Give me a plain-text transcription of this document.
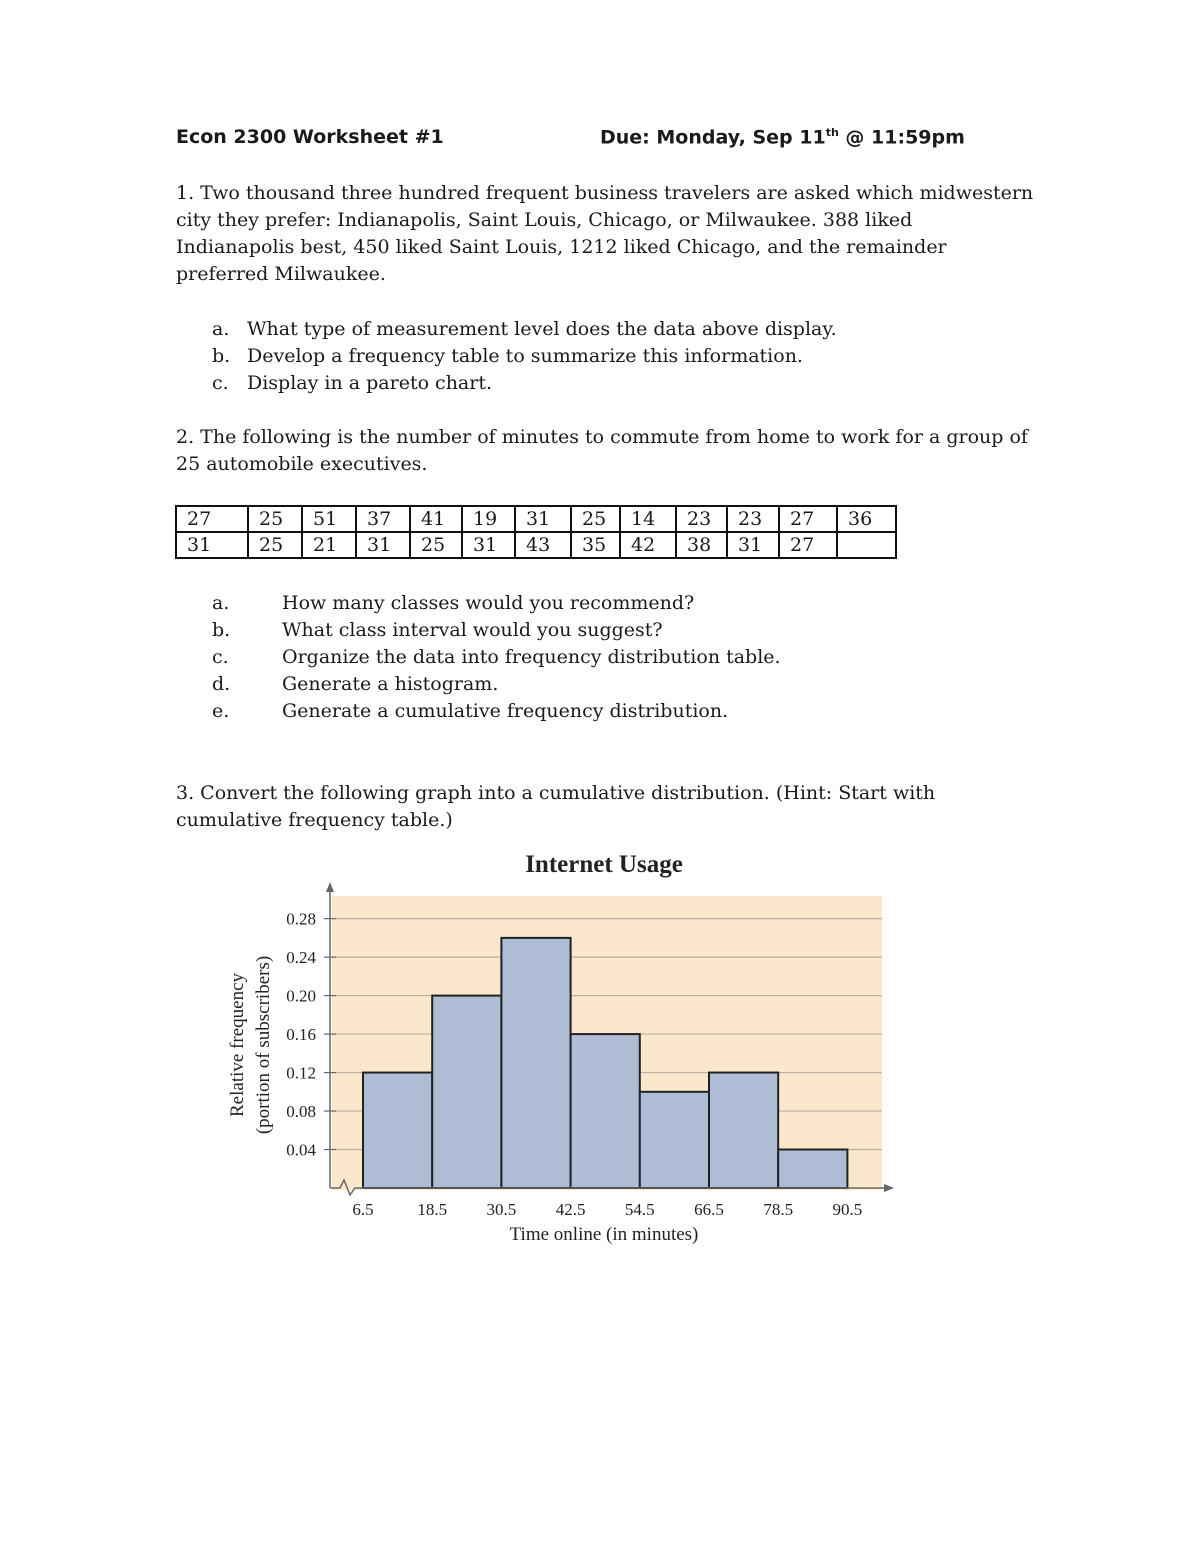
Econ 2300 Worksheet #1	Due: Monday, Sep 11th @ 11:59pm
1. Two thousand three hundred frequent business travelers are asked which midwestern city they prefer: Indianapolis, Saint Louis, Chicago, or Milwaukee. 388 liked Indianapolis best, 450 liked Saint Louis, 1212 liked Chicago, and the remainder preferred Milwaukee.
a. What type of measurement level does the data above display.
b. Develop a frequency table to summarize this information.
c. Display in a pareto chart.
2. The following is the number of minutes to commute from home to work for a group of 25 automobile executives.
27	25	51	37	41	19	31	25	14	23	23	27	36
31	25	21	31	25	31	43	35	42	38	31	27	
a.	How many classes would you recommend?
b.	What class interval would you suggest?
c.	Organize the data into frequency distribution table.
d.	Generate a histogram.
e.	Generate a cumulative frequency distribution.
3. Convert the following graph into a cumulative distribution. (Hint: Start with cumulative frequency table.)
Internet Usage
0.04
0.08
0.12
0.16
0.20
0.24
0.28
6.5	18.5 30.5 42.5 54.5 66.5 78.5 90.5
Time online (in minutes)
Relative frequency (portion of subscribers)
